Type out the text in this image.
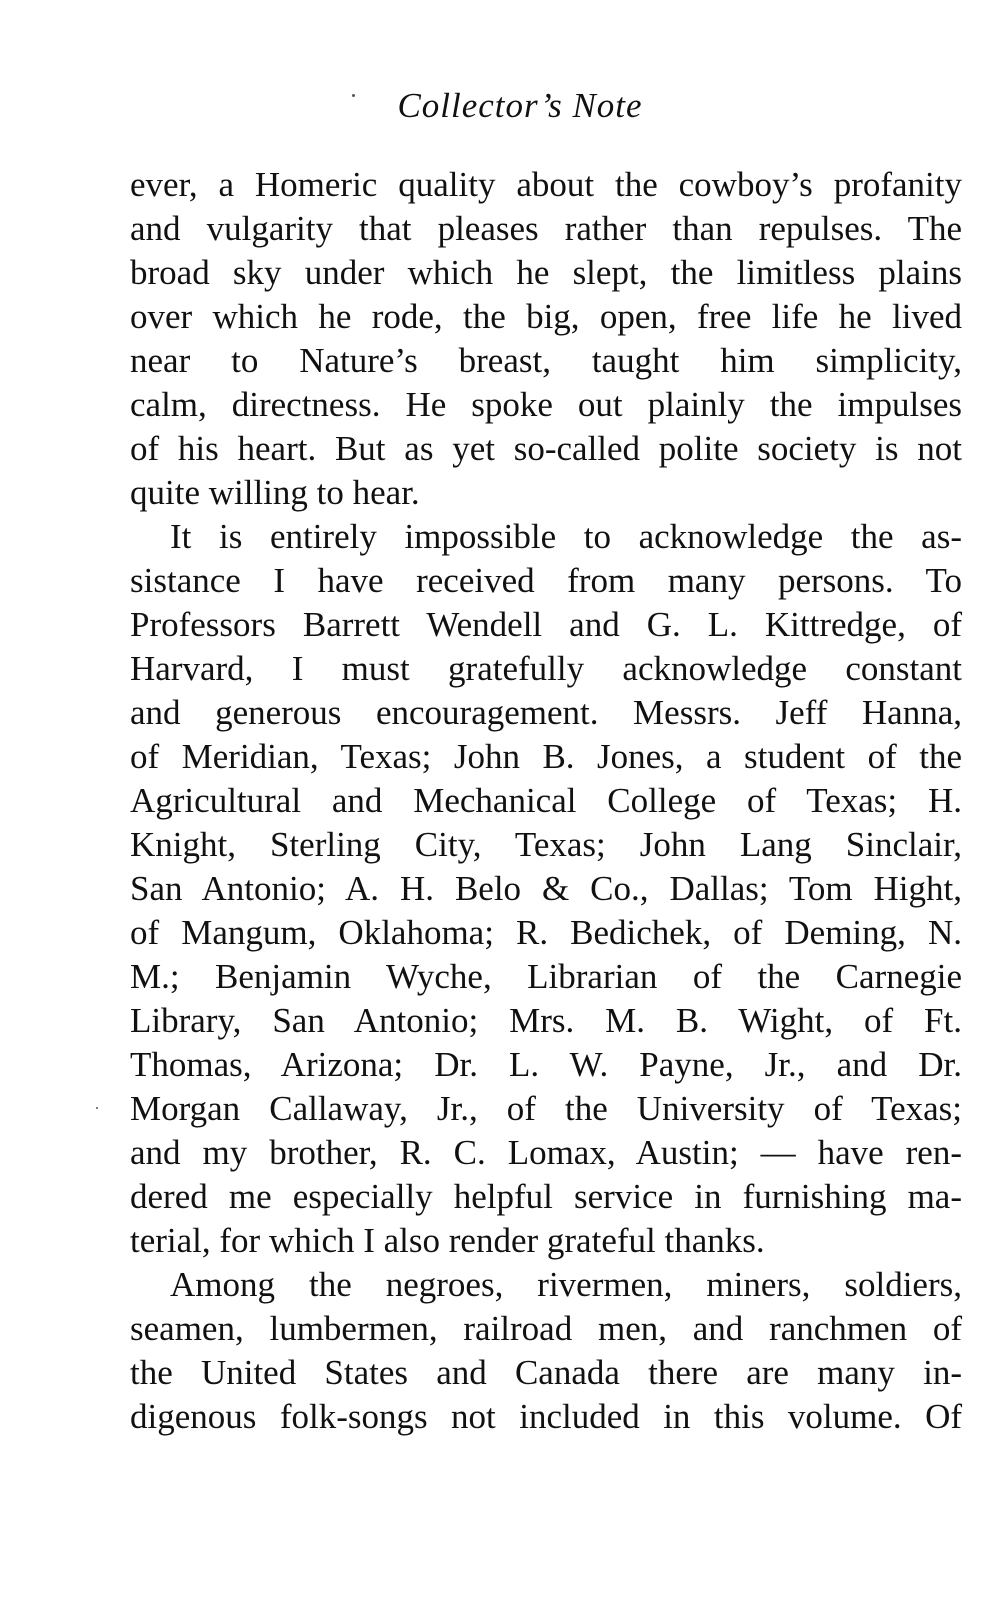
Collector’s Note
ever, a Homeric quality about the cowboy’s profanity
and vulgarity that pleases rather than repulses. The
broad sky under which he slept, the limitless plains
over which he rode, the big, open, free life he lived
near to Nature’s breast, taught him simplicity,
calm, directness. He spoke out plainly the impulses
of his heart. But as yet so-called polite society is not
quite willing to hear.
It is entirely impossible to acknowledge the as-
sistance I have received from many persons. To
Professors Barrett Wendell and G. L. Kittredge, of
Harvard, I must gratefully acknowledge constant
and generous encouragement. Messrs. Jeff Hanna,
of Meridian, Texas; John B. Jones, a student of the
Agricultural and Mechanical College of Texas; H.
Knight, Sterling City, Texas; John Lang Sinclair,
San Antonio; A. H. Belo & Co., Dallas; Tom Hight,
of Mangum, Oklahoma; R. Bedichek, of Deming, N.
M.; Benjamin Wyche, Librarian of the Carnegie
Library, San Antonio; Mrs. M. B. Wight, of Ft.
Thomas, Arizona; Dr. L. W. Payne, Jr., and Dr.
Morgan Callaway, Jr., of the University of Texas;
and my brother, R. C. Lomax, Austin; — have ren-
dered me especially helpful service in furnishing ma-
terial, for which I also render grateful thanks.
Among the negroes, rivermen, miners, soldiers,
seamen, lumbermen, railroad men, and ranchmen of
the United States and Canada there are many in-
digenous folk-songs not included in this volume. Of
